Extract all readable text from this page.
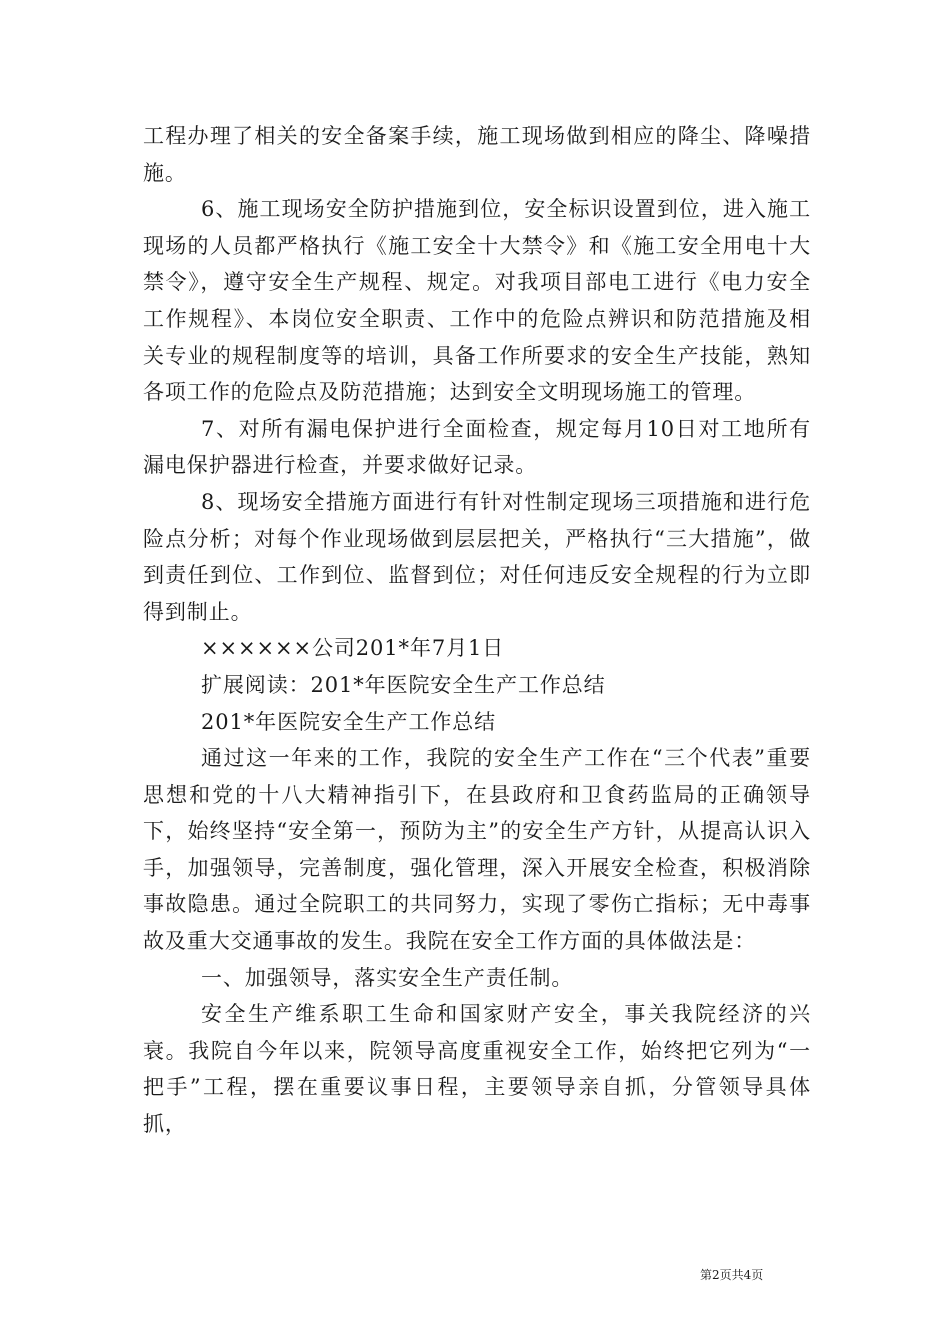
工程办理了相关的安全备案手续，施工现场做到相应的降尘、降噪措施。

6、施工现场安全防护措施到位，安全标识设置到位，进入施工现场的人员都严格执行《施工安全十大禁令》和《施工安全用电十大禁令》，遵守安全生产规程、规定。对我项目部电工进行《电力安全工作规程》、本岗位安全职责、工作中的危险点辨识和防范措施及相关专业的规程制度等的培训，具备工作所要求的安全生产技能，熟知各项工作的危险点及防范措施；达到安全文明现场施工的管理。

7、对所有漏电保护进行全面检查，规定每月10日对工地所有漏电保护器进行检查，并要求做好记录。

8、现场安全措施方面进行有针对性制定现场三项措施和进行危险点分析；对每个作业现场做到层层把关，严格执行“三大措施”，做到责任到位、工作到位、监督到位；对任何违反安全规程的行为立即得到制止。

××××××公司201*年7月1日

扩展阅读：201*年医院安全生产工作总结

201*年医院安全生产工作总结

通过这一年来的工作，我院的安全生产工作在“三个代表”重要思想和党的十八大精神指引下，在县政府和卫食药监局的正确领导下，始终坚持“安全第一，预防为主”的安全生产方针，从提高认识入手，加强领导，完善制度，强化管理，深入开展安全检查，积极消除事故隐患。通过全院职工的共同努力，实现了零伤亡指标；无中毒事故及重大交通事故的发生。我院在安全工作方面的具体做法是：

一、加强领导，落实安全生产责任制。

安全生产维系职工生命和国家财产安全，事关我院经济的兴衰。我院自今年以来，院领导高度重视安全工作，始终把它列为“一把手”工程，摆在重要议事日程，主要领导亲自抓，分管领导具体抓，

第2页共4页
